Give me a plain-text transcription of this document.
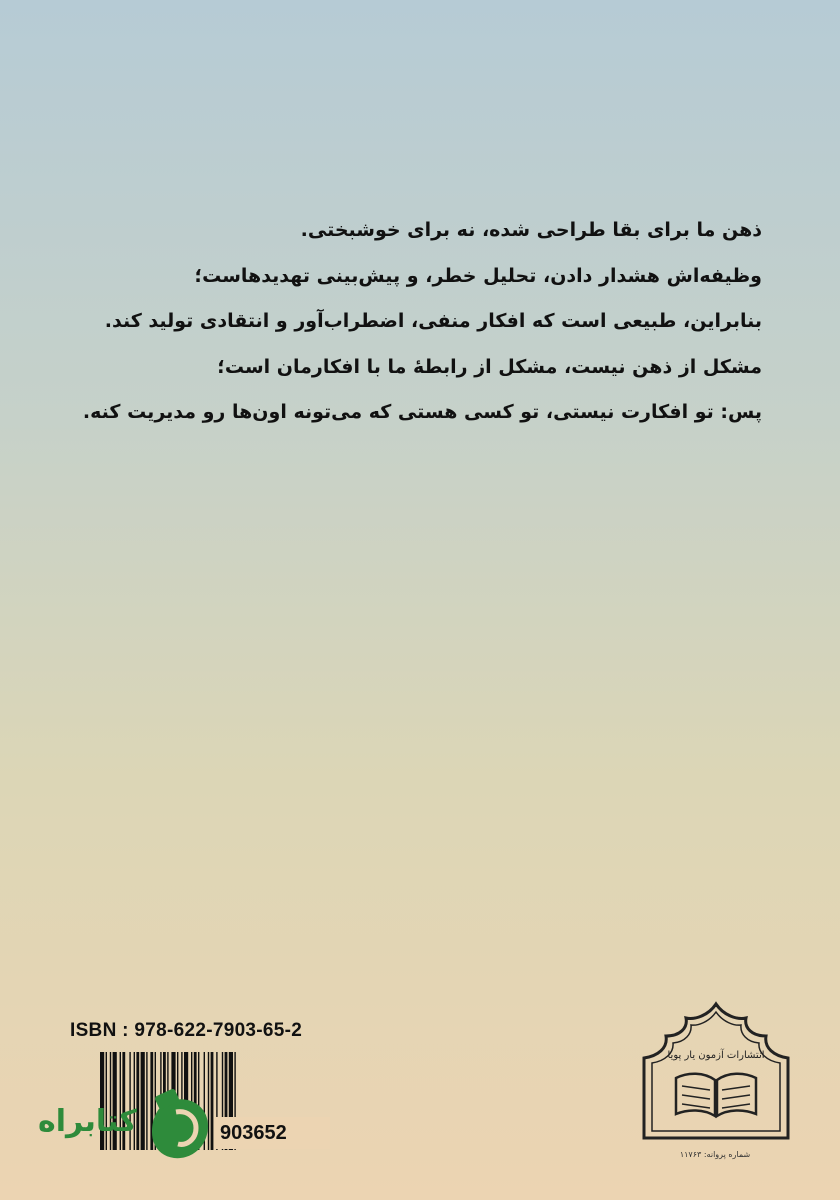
ذهن ما برای بقا طراحی شده، نه برای خوشبختی.

وظیفه‌اش هشدار دادن، تحلیل خطر، و پیش‌بینی تهدیدهاست؛

بنابراین، طبیعی است که افکار منفی، اضطراب‌آور و انتقادی تولید کند.

مشکل از ذهن نیست، مشکل از رابطهٔ ما با افکارمان است؛

پس: تو افکارت نیستی، تو کسی هستی که می‌تونه اون‌ها رو مدیریت کنه.

ISBN : 978-622-7903-65-2
903652
کتابراه
انتشارات آزمون یار پویا
شماره پروانه: ۱۱۷۶۳
